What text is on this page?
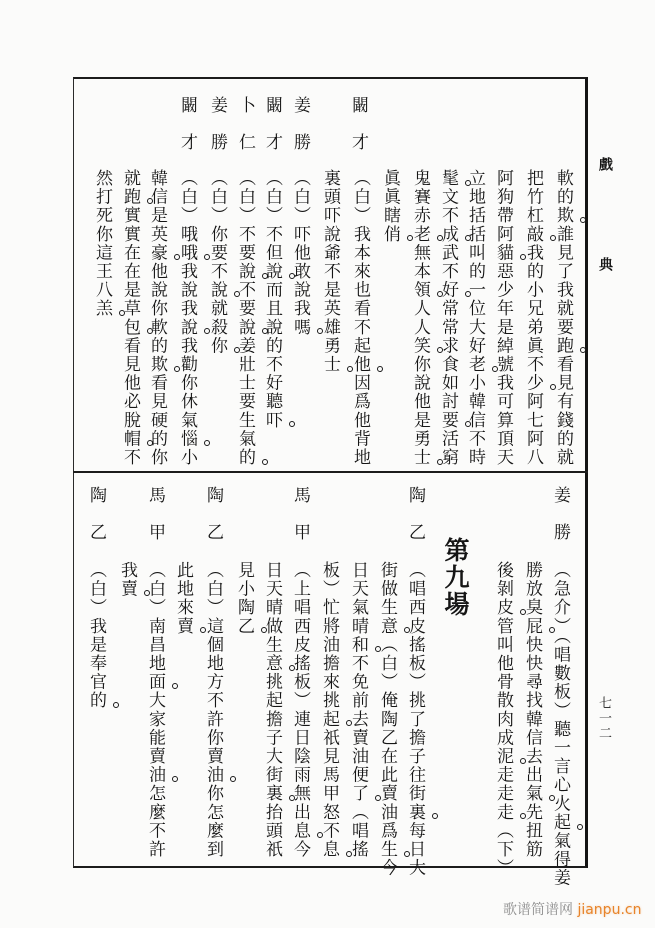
戲典
七一二
軟的欺誰見了我就要跑看見有錢的就
把竹杠敲我的小兄弟眞不少阿七阿八
阿狗帶阿貓惡少年是綽號我可算頂天
立地括括叫的一位大好老小韓信不時
髦文不成武不好常常求食如討要活窮
鬼賽赤老無本領人人笑你說他是勇士
眞眞瞎俏
闞才
（白）我本來也看不起他因爲他背地
裏頭吓說爺不是英雄勇士
姜勝
（白）吓他敢說我嗎
闞才
（白）不但說而且說的不好聽吓
卜仁
（白）不要說不要說姜壯士要生氣的
姜勝
（白）你要不說就殺你
闞才
（白）哦哦我說我說我勸你休氣惱小
韓信是英豪他說你軟的欺看見硬的你
就跑實實在在是草包看見他必脫帽不
然打死你這王八羔
姜勝
（急介）（唱數板）聽一言心火起氣得姜
勝放臭屁快快尋找韓信去出氣先扭筋
後剝皮管叫他骨散肉成泥走走走（下）
第九場
陶乙
（唱西皮搖板）挑了擔子往街裏每日大
街做生意（白）俺陶乙在此賣油爲生今
日天氣晴和不免前去賣油便了（唱搖
板）忙將油擔來挑起祇見馬甲怒不息
馬甲
（上唱西皮搖板）連日陰雨無出息今
日天晴做生意挑起擔子大街裏抬頭祇
見小陶乙
陶乙
（白）這個地方不許你賣油你怎麼到
此地來賣
馬甲
（白）南昌地面大家能賣油怎麼不許
我賣
陶乙
（白）我是奉官的
歌谱简谱网 jianpu.cn
